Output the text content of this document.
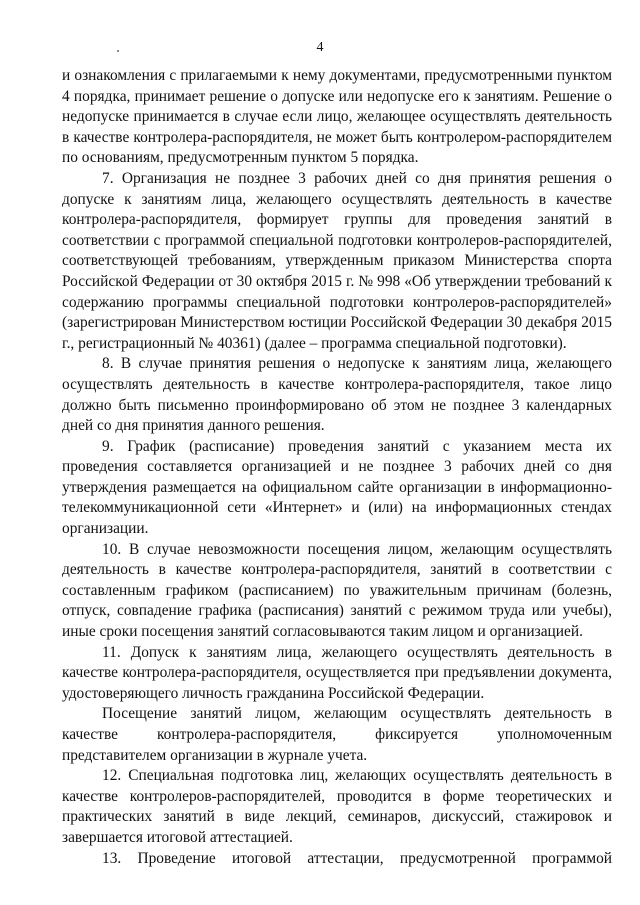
4

и ознакомления с прилагаемыми к нему документами, предусмотренными пунктом 4 порядка, принимает решение о допуске или недопуске его к занятиям. Решение о недопуске принимается в случае если лицо, желающее осуществлять деятельность в качестве контролера-распорядителя, не может быть контролером-распорядителем по основаниям, предусмотренным пунктом 5 порядка.

7. Организация не позднее 3 рабочих дней со дня принятия решения о допуске к занятиям лица, желающего осуществлять деятельность в качестве контролера-распорядителя, формирует группы для проведения занятий в соответствии с программой специальной подготовки контролеров-распорядителей, соответствующей требованиям, утвержденным приказом Министерства спорта Российской Федерации от 30 октября 2015 г. № 998 «Об утверждении требований к содержанию программы специальной подготовки контролеров-распорядителей» (зарегистрирован Министерством юстиции Российской Федерации 30 декабря 2015 г., регистрационный № 40361) (далее – программа специальной подготовки).

8. В случае принятия решения о недопуске к занятиям лица, желающего осуществлять деятельность в качестве контролера-распорядителя, такое лицо должно быть письменно проинформировано об этом не позднее 3 календарных дней со дня принятия данного решения.

9. График (расписание) проведения занятий с указанием места их проведения составляется организацией и не позднее 3 рабочих дней со дня утверждения размещается на официальном сайте организации в информационно-телекоммуникационной сети «Интернет» и (или) на информационных стендах организации.

10. В случае невозможности посещения лицом, желающим осуществлять деятельность в качестве контролера-распорядителя, занятий в соответствии с составленным графиком (расписанием) по уважительным причинам (болезнь, отпуск, совпадение графика (расписания) занятий с режимом труда или учебы), иные сроки посещения занятий согласовываются таким лицом и организацией.

11. Допуск к занятиям лица, желающего осуществлять деятельность в качестве контролера-распорядителя, осуществляется при предъявлении документа, удостоверяющего личность гражданина Российской Федерации.

Посещение занятий лицом, желающим осуществлять деятельность в качестве контролера-распорядителя, фиксируется уполномоченным представителем организации в журнале учета.

12. Специальная подготовка лиц, желающих осуществлять деятельность в качестве контролеров-распорядителей, проводится в форме теоретических и практических занятий в виде лекций, семинаров, дискуссий, стажировок и завершается итоговой аттестацией.

13. Проведение итоговой аттестации, предусмотренной программой
